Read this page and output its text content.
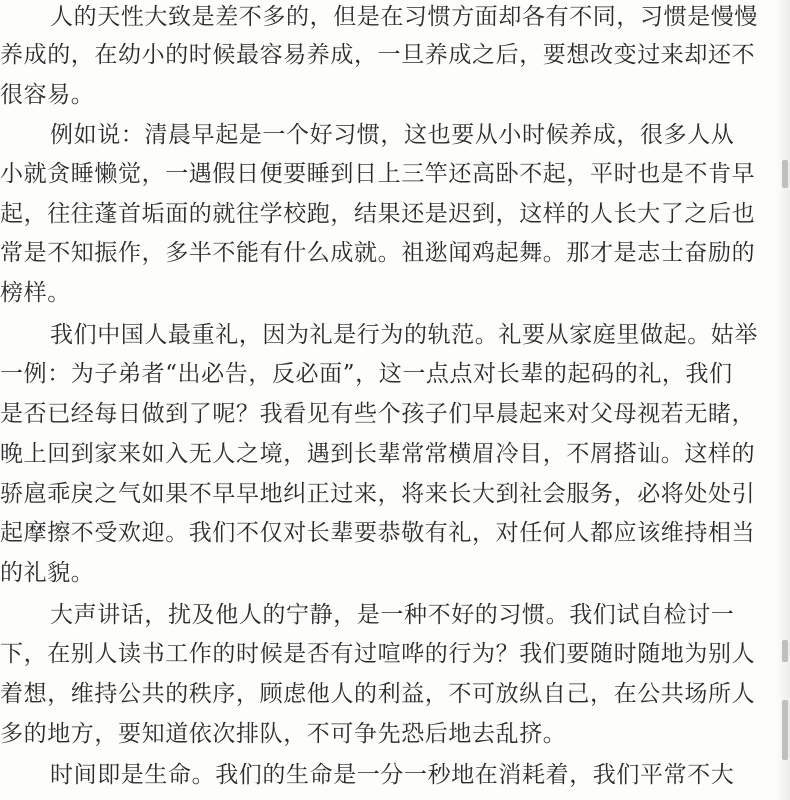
人的天性大致是差不多的，但是在习惯方面却各有不同，习惯是慢慢
养成的，在幼小的时候最容易养成，一旦养成之后，要想改变过来却还不
很容易。
例如说：清晨早起是一个好习惯，这也要从小时候养成，很多人从
小就贪睡懒觉，一遇假日便要睡到日上三竿还高卧不起，平时也是不肯早
起，往往蓬首垢面的就往学校跑，结果还是迟到，这样的人长大了之后也
常是不知振作，多半不能有什么成就。祖逖闻鸡起舞。那才是志士奋励的
榜样。
我们中国人最重礼，因为礼是行为的轨范。礼要从家庭里做起。姑举
一例：为子弟者“出必告，反必面”，这一点点对长辈的起码的礼，我们
是否已经每日做到了呢？我看见有些个孩子们早晨起来对父母视若无睹，
晚上回到家来如入无人之境，遇到长辈常常横眉冷目，不屑搭讪。这样的
骄扈乖戾之气如果不早早地纠正过来，将来长大到社会服务，必将处处引
起摩擦不受欢迎。我们不仅对长辈要恭敬有礼，对任何人都应该维持相当
的礼貌。
大声讲话，扰及他人的宁静，是一种不好的习惯。我们试自检讨一
下，在别人读书工作的时候是否有过喧哗的行为？我们要随时随地为别人
着想，维持公共的秩序，顾虑他人的利益，不可放纵自己，在公共场所人
多的地方，要知道依次排队，不可争先恐后地去乱挤。
时间即是生命。我们的生命是一分一秒地在消耗着，我们平常不大
